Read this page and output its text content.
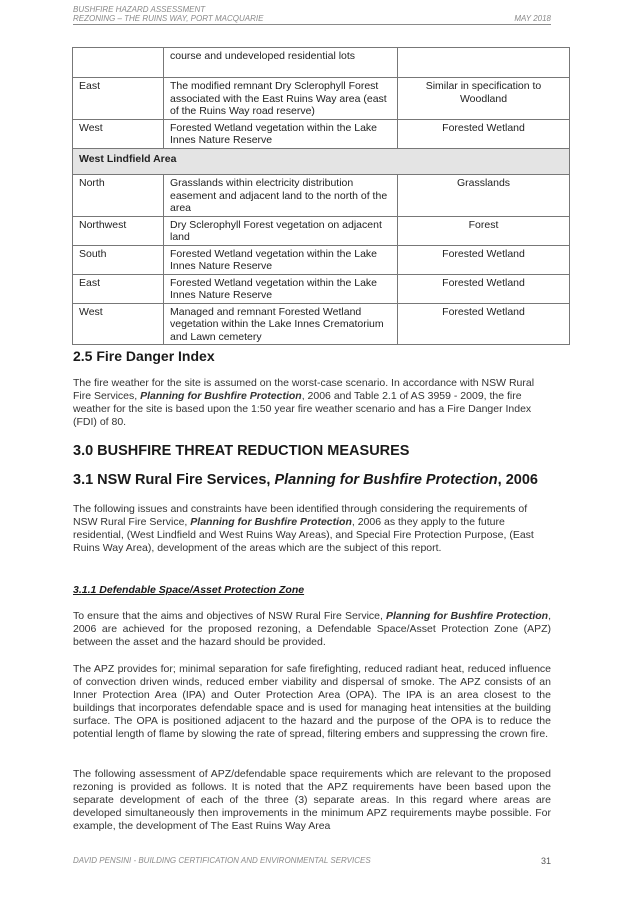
BUSHFIRE HAZARD ASSESSMENT
REZONING – THE RUINS WAY, PORT MACQUARIE	MAY 2018
	course and undeveloped residential lots	
East	The modified remnant Dry Sclerophyll Forest associated with the East Ruins Way area (east of the Ruins Way road reserve)	Similar in specification to Woodland
West	Forested Wetland vegetation within the Lake Innes Nature Reserve	Forested Wetland
West Lindfield Area		
North	Grasslands within electricity distribution easement and adjacent land to the north of the area	Grasslands
Northwest	Dry Sclerophyll Forest vegetation on adjacent land	Forest
South	Forested Wetland vegetation within the Lake Innes Nature Reserve	Forested Wetland
East	Forested Wetland vegetation within the Lake Innes Nature Reserve	Forested Wetland
West	Managed and remnant Forested Wetland vegetation within the Lake Innes Crematorium and Lawn cemetery	Forested Wetland
2.5 Fire Danger Index

The fire weather for the site is assumed on the worst-case scenario. In accordance with NSW Rural Fire Services, Planning for Bushfire Protection, 2006 and Table 2.1 of AS 3959 - 2009, the fire weather for the site is based upon the 1:50 year fire weather scenario and has a Fire Danger Index (FDI) of 80.

3.0 BUSHFIRE THREAT REDUCTION MEASURES
3.1 NSW Rural Fire Services, Planning for Bushfire Protection, 2006

The following issues and constraints have been identified through considering the requirements of NSW Rural Fire Service, Planning for Bushfire Protection, 2006 as they apply to the future residential, (West Lindfield and West Ruins Way Areas), and Special Fire Protection Purpose, (East Ruins Way Area), development of the areas which are the subject of this report.

3.1.1 Defendable Space/Asset Protection Zone

To ensure that the aims and objectives of NSW Rural Fire Service, Planning for Bushfire Protection, 2006 are achieved for the proposed rezoning, a Defendable Space/Asset Protection Zone (APZ) between the asset and the hazard should be provided.

The APZ provides for; minimal separation for safe firefighting, reduced radiant heat, reduced influence of convection driven winds, reduced ember viability and dispersal of smoke. The APZ consists of an Inner Protection Area (IPA) and Outer Protection Area (OPA). The IPA is an area closest to the buildings that incorporates defendable space and is used for managing heat intensities at the building surface. The OPA is positioned adjacent to the hazard and the purpose of the OPA is to reduce the potential length of flame by slowing the rate of spread, filtering embers and suppressing the crown fire.

The following assessment of APZ/defendable space requirements which are relevant to the proposed rezoning is provided as follows. It is noted that the APZ requirements have been based upon the separate development of each of the three (3) separate areas. In this regard where areas are developed simultaneously then improvements in the minimum APZ requirements maybe possible. For example, the development of The East Ruins Way Area

DAVID PENSINI - BUILDING CERTIFICATION AND ENVIRONMENTAL SERVICES	31
